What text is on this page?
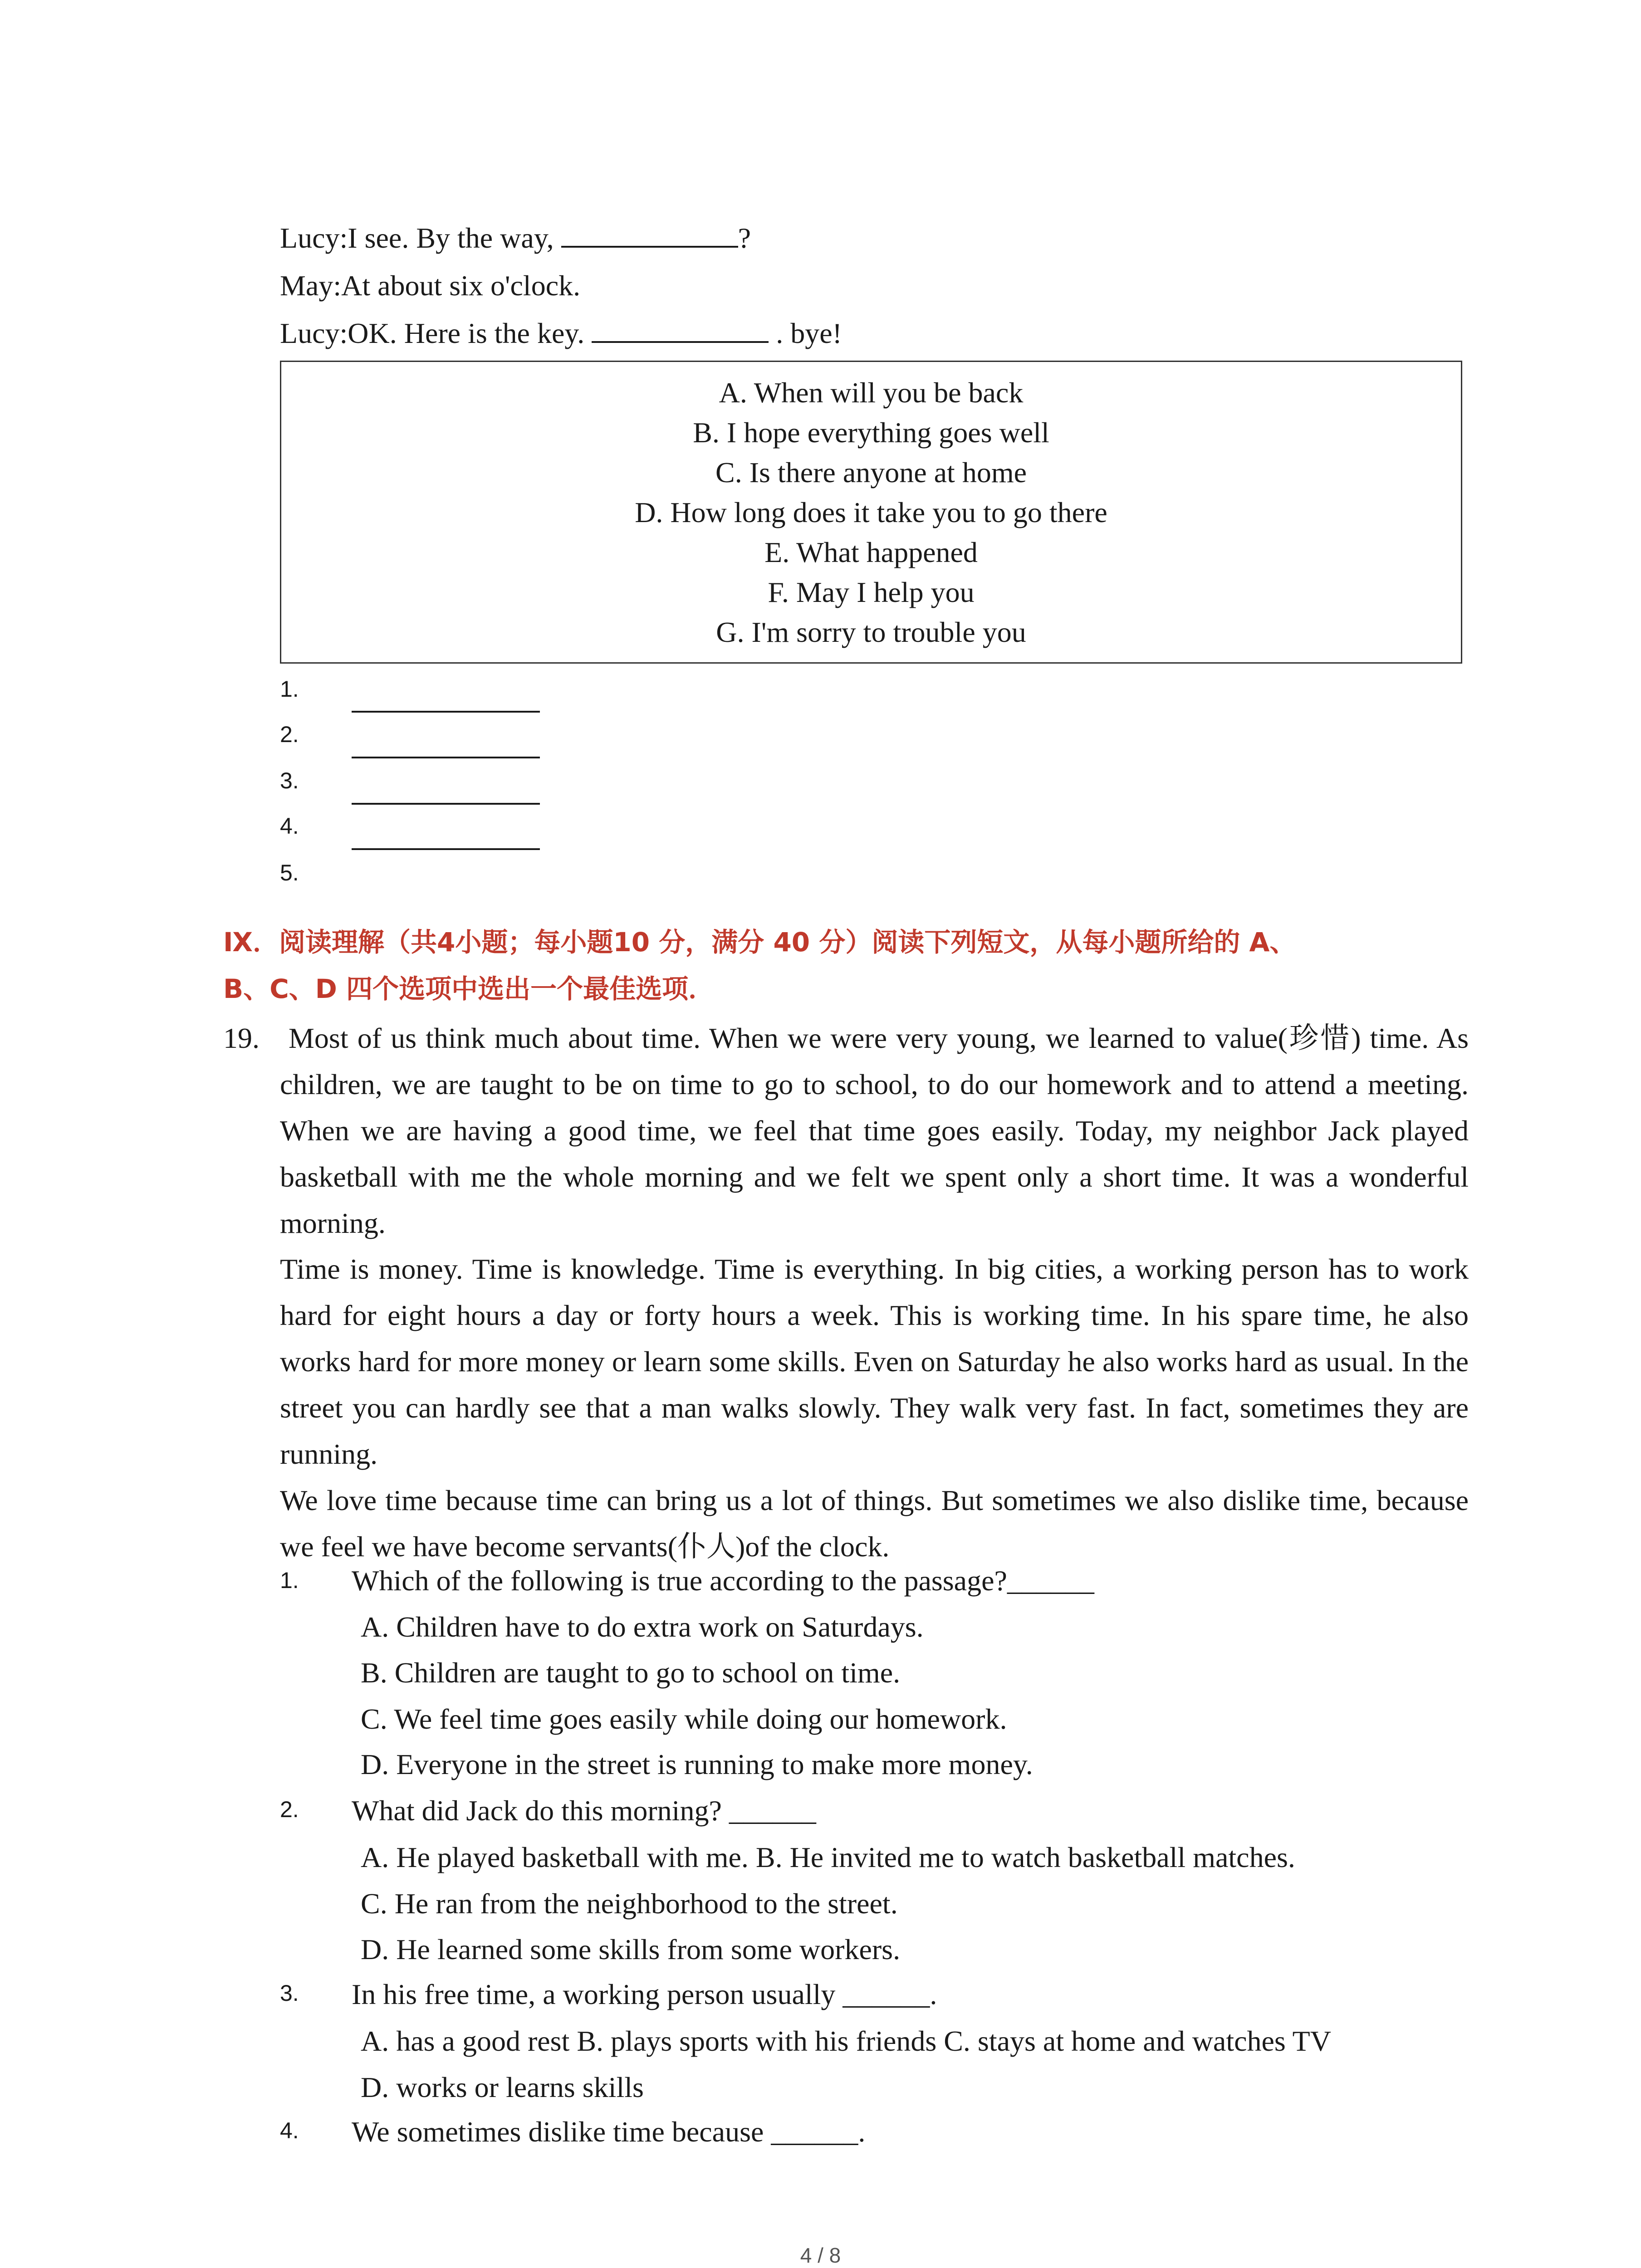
Lucy:I see. By the way,	?
May:At about six o'clock.
Lucy:OK. Here is the key.	. bye!
A. When will you be back
B. I hope everything goes well
C. Is there anyone at home
D. How long does it take you to go there
E. What happened
F. May I help you
G. I'm sorry to trouble you
1.
2.
3.
4.
5.
Ⅸ．阅读理解（共4小题；每小题10 分，满分 40 分）阅读下列短文，从每小题所给的 A、
B、C、D 四个选项中选出一个最佳选项．
19. Most of us think much about time. When we were very young, we learned to value(珍惜) time. As children, we are taught to be on time to go to school, to do our homework and to attend a meeting. When we are having a good time, we feel that time goes easily. Today, my neighbor Jack played basketball with me the whole morning and we felt we spent only a short time. It was a wonderful morning.
Time is money. Time is knowledge. Time is everything. In big cities, a working person has to work hard for eight hours a day or forty hours a week. This is working time. In his spare time, he also works hard for more money or learn some skills. Even on Saturday he also works hard as usual. In the street you can hardly see that a man walks slowly. They walk very fast. In fact, sometimes they are running.
We love time because time can bring us a lot of things. But sometimes we also dislike time, because we feel we have become servants(仆人)of the clock.
1. Which of the following is true according to the passage?______
A. Children have to do extra work on Saturdays.
B. Children are taught to go to school on time.
C. We feel time goes easily while doing our homework.
D. Everyone in the street is running to make more money.
2. What did Jack do this morning? ______
A. He played basketball with me. B. He invited me to watch basketball matches.
C. He ran from the neighborhood to the street.
D. He learned some skills from some workers.
3. In his free time, a working person usually ______.
A. has a good rest B. plays sports with his friends C. stays at home and watches TV
D. works or learns skills
4. We sometimes dislike time because ______.
4 / 8
